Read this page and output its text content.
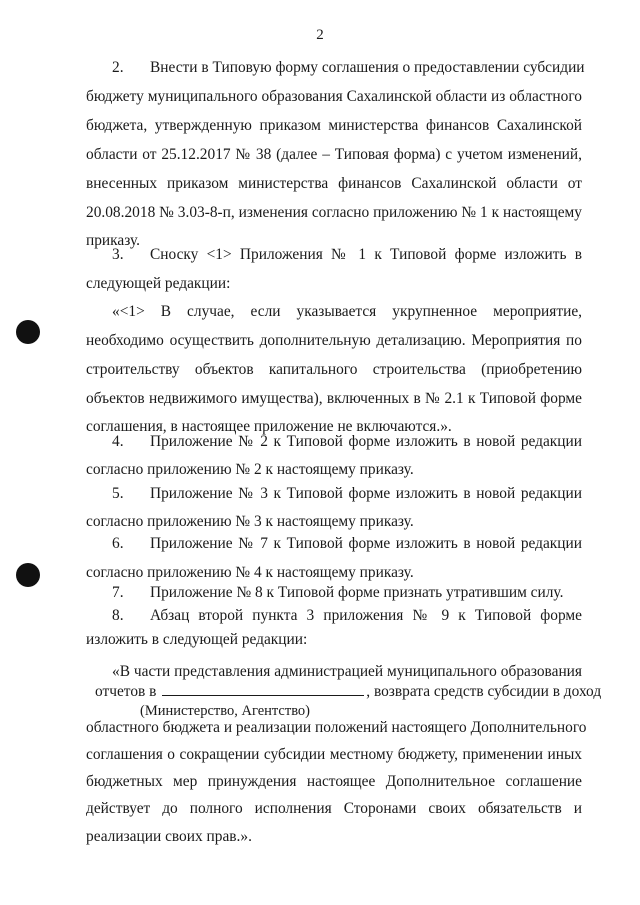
2
2. Внести в Типовую форму соглашения о предоставлении субсидии
бюджету муниципального образования Сахалинской области из областного
бюджета, утвержденную приказом министерства финансов Сахалинской
области от 25.12.2017 № 38 (далее – Типовая форма) с учетом изменений,
внесенных приказом министерства финансов Сахалинской области от
20.08.2018 № 3.03-8-п, изменения согласно приложению № 1 к настоящему
приказу.
3. Сноску <1> Приложения № 1 к Типовой форме изложить в
следующей редакции:
«<1> В случае, если указывается укрупненное мероприятие,
необходимо осуществить дополнительную детализацию. Мероприятия по
строительству объектов капитального строительства (приобретению
объектов недвижимого имущества), включенных в № 2.1 к Типовой форме
соглашения, в настоящее приложение не включаются.».
4. Приложение № 2 к Типовой форме изложить в новой редакции
согласно приложению № 2 к настоящему приказу.
5. Приложение № 3 к Типовой форме изложить в новой редакции
согласно приложению № 3 к настоящему приказу.
6. Приложение № 7 к Типовой форме изложить в новой редакции
согласно приложению № 4 к настоящему приказу.
7. Приложение № 8 к Типовой форме признать утратившим силу.
8. Абзац второй пункта 3 приложения № 9 к Типовой форме
изложить в следующей редакции:
«В части представления администрацией муниципального образования
отчетов в	, возврата средств субсидии в доход
(Министерство, Агентство)
областного бюджета и реализации положений настоящего Дополнительного
соглашения о сокращении субсидии местному бюджету, применении иных
бюджетных мер принуждения настоящее Дополнительное соглашение
действует до полного исполнения Сторонами своих обязательств и
реализации своих прав.».
